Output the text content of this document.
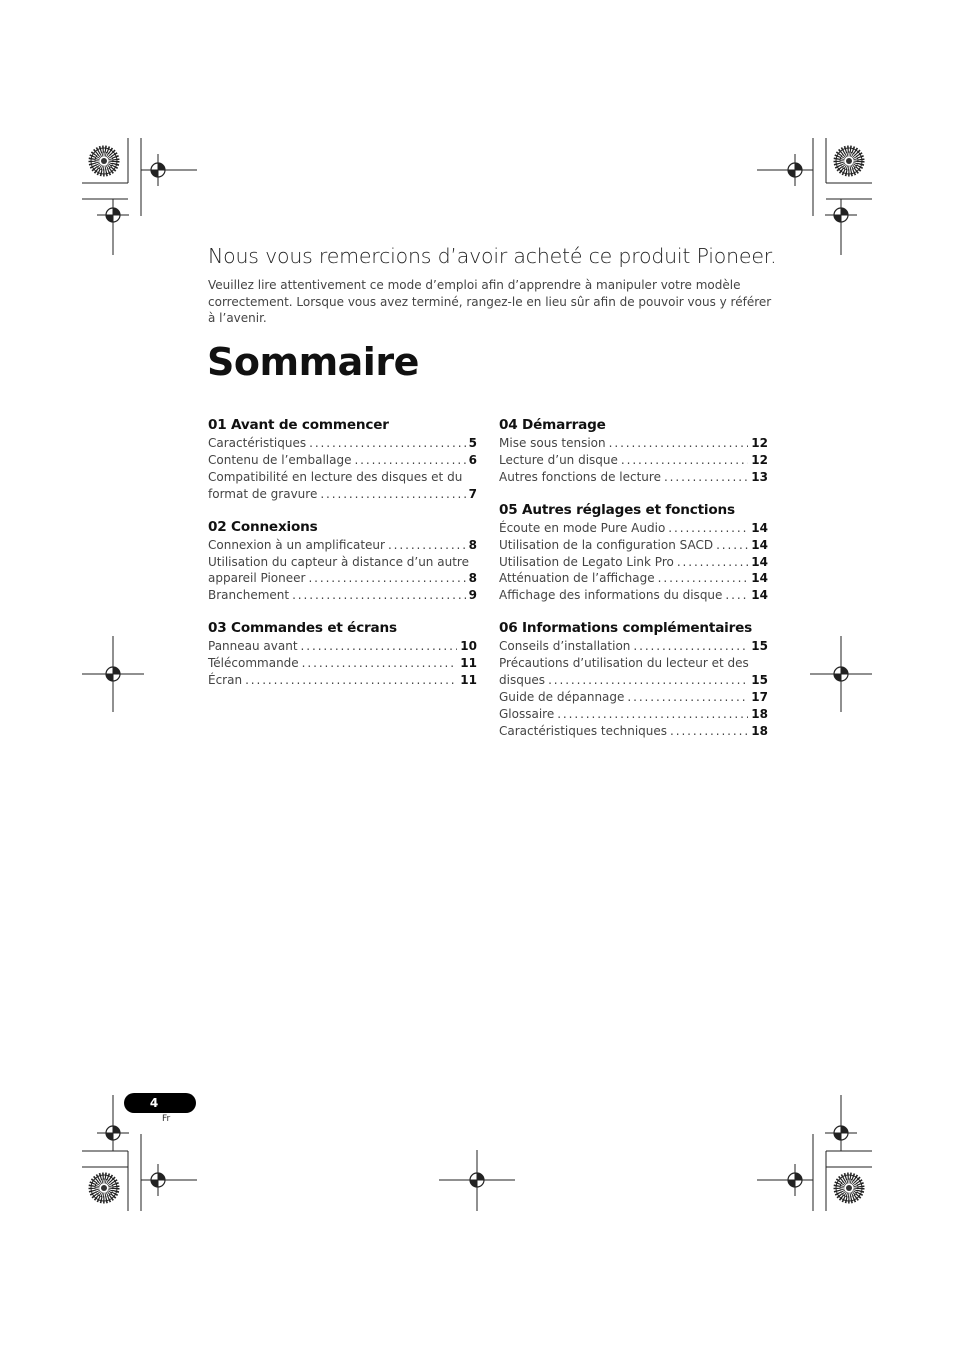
Nous vous remercions d’avoir acheté ce produit Pioneer.
Veuillez lire attentivement ce mode d’emploi afin d’apprendre à manipuler votre modèle correctement. Lorsque vous avez terminé, rangez-le en lieu sûr afin de pouvoir vous y référer à l’avenir.
Sommaire
01 Avant de commencer
Caractéristiques .....	5
Contenu de l’emballage .....	6
Compatibilité en lecture des disques et du
format de gravure .....	7
02 Connexions
Connexion à un amplificateur .....	8
Utilisation du capteur à distance d’un autre
appareil Pioneer .....	8
Branchement .....	9
03 Commandes et écrans
Panneau avant .....	10
Télécommande .....	11
Écran .....	11
04 Démarrage
Mise sous tension .....	12
Lecture d’un disque .....	12
Autres fonctions de lecture .....	13
05 Autres réglages et fonctions
Écoute en mode Pure Audio .....	14
Utilisation de la configuration SACD .....	14
Utilisation de Legato Link Pro .....	14
Atténuation de l’affichage .....	14
Affichage des informations du disque ..... 14
06 Informations complémentaires
Conseils d’installation .....	15
Précautions d’utilisation du lecteur et des
disques .....	15
Guide de dépannage .....	17
Glossaire .....	18
Caractéristiques techniques .....	18
4
Fr
